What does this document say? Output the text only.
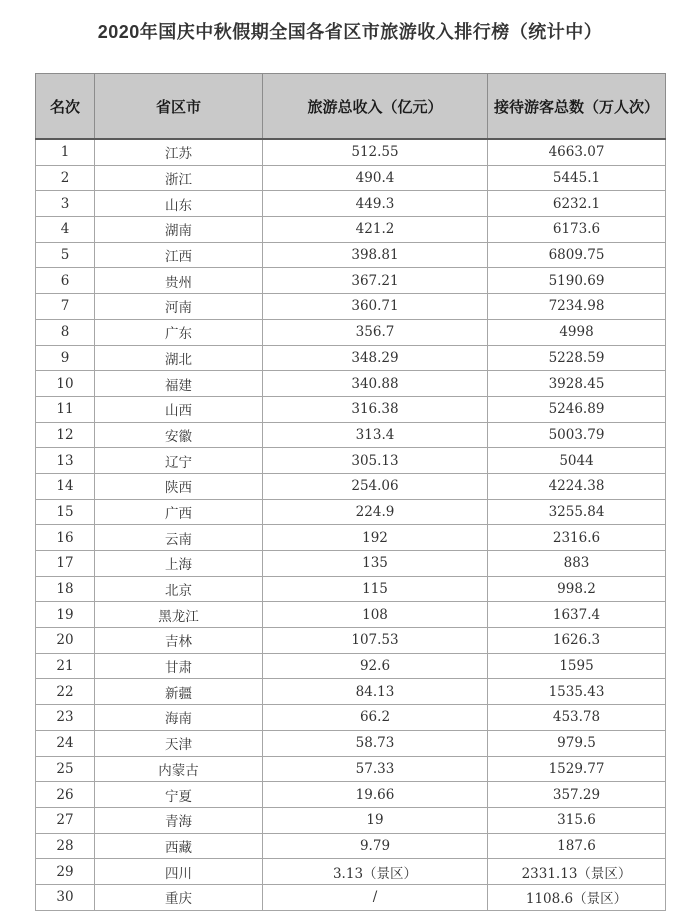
2020年国庆中秋假期全国各省区市旅游收入排行榜（统计中）
名次	省区市	旅游总收入（亿元）	接待游客总数（万人次）
1	江苏	512.55	4663.07
2	浙江	490.4	5445.1
3	山东	449.3	6232.1
4	湖南	421.2	6173.6
5	江西	398.81	6809.75
6	贵州	367.21	5190.69
7	河南	360.71	7234.98
8	广东	356.7	4998
9	湖北	348.29	5228.59
10	福建	340.88	3928.45
11	山西	316.38	5246.89
12	安徽	313.4	5003.79
13	辽宁	305.13	5044
14	陕西	254.06	4224.38
15	广西	224.9	3255.84
16	云南	192	2316.6
17	上海	135	883
18	北京	115	998.2
19	黑龙江	108	1637.4
20	吉林	107.53	1626.3
21	甘肃	92.6	1595
22	新疆	84.13	1535.43
23	海南	66.2	453.78
24	天津	58.73	979.5
25	内蒙古	57.33	1529.77
26	宁夏	19.66	357.29
27	青海	19	315.6
28	西藏	9.79	187.6
29	四川	3.13（景区）	2331.13（景区）
30	重庆	/	1108.6（景区）
